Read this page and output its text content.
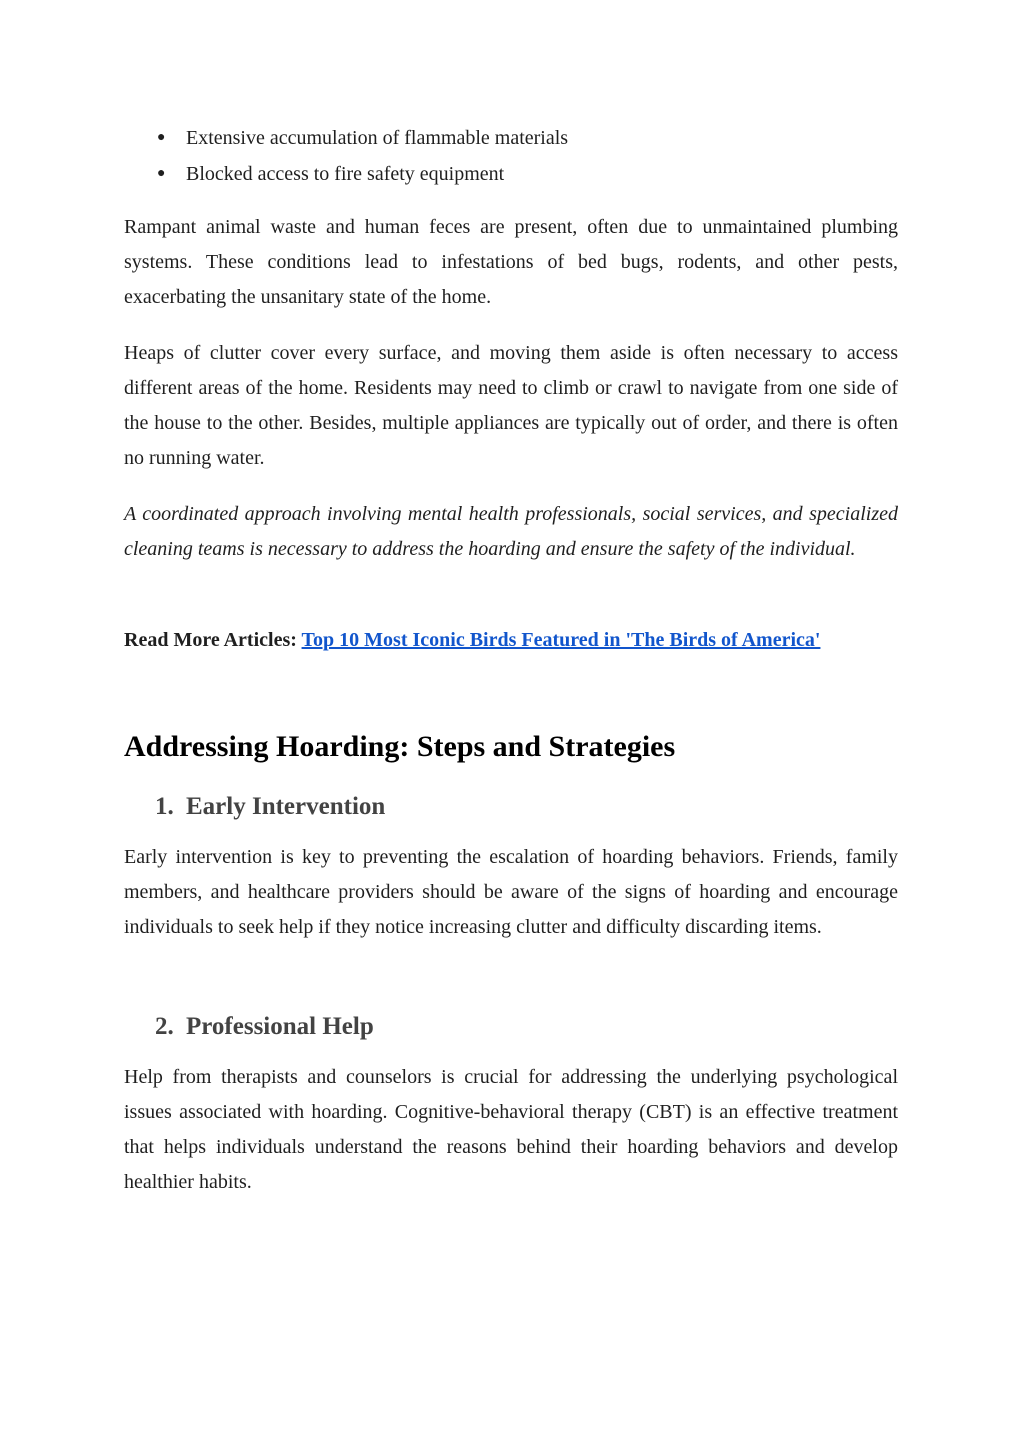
● Extensive accumulation of flammable materials
● Blocked access to fire safety equipment

Rampant animal waste and human feces are present, often due to unmaintained plumbing systems. These conditions lead to infestations of bed bugs, rodents, and other pests, exacerbating the unsanitary state of the home.

Heaps of clutter cover every surface, and moving them aside is often necessary to access different areas of the home. Residents may need to climb or crawl to navigate from one side of the house to the other. Besides, multiple appliances are typically out of order, and there is often no running water.

A coordinated approach involving mental health professionals, social services, and specialized cleaning teams is necessary to address the hoarding and ensure the safety of the individual.

Read More Articles: Top 10 Most Iconic Birds Featured in 'The Birds of America'

Addressing Hoarding: Steps and Strategies
1. Early Intervention

Early intervention is key to preventing the escalation of hoarding behaviors. Friends, family members, and healthcare providers should be aware of the signs of hoarding and encourage individuals to seek help if they notice increasing clutter and difficulty discarding items.

2. Professional Help

Help from therapists and counselors is crucial for addressing the underlying psychological issues associated with hoarding. Cognitive-behavioral therapy (CBT) is an effective treatment that helps individuals understand the reasons behind their hoarding behaviors and develop healthier habits.
